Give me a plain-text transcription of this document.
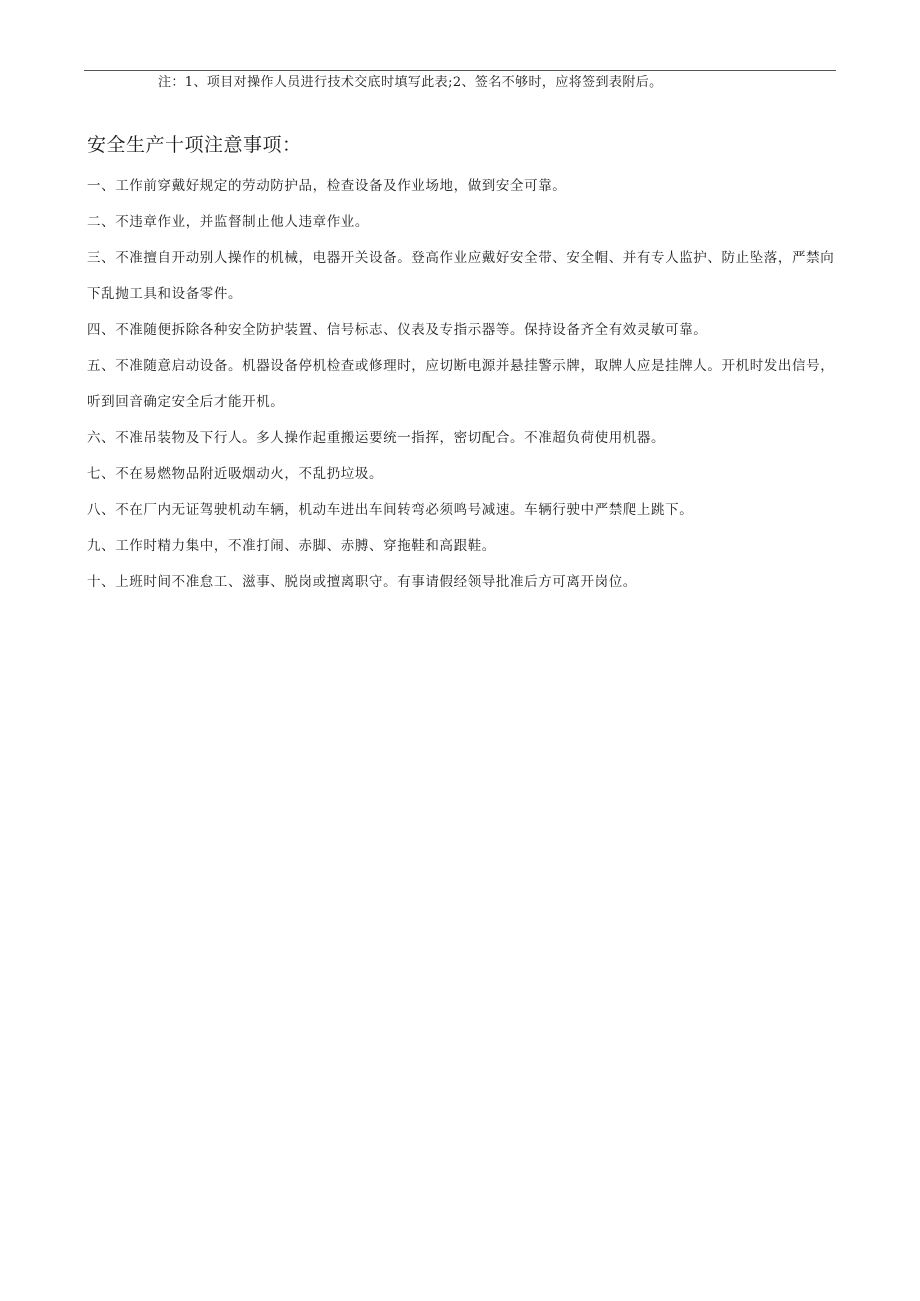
注：1、项目对操作人员进行技术交底时填写此表;2、签名不够时，应将签到表附后。
安全生产十项注意事项：
一、工作前穿戴好规定的劳动防护品，检查设备及作业场地，做到安全可靠。
二、不违章作业，并监督制止他人违章作业。
三、不准擅自开动别人操作的机械，电器开关设备。登高作业应戴好安全带、安全帽、并有专人监护、防止坠落，严禁向下乱抛工具和设备零件。
四、不准随便拆除各种安全防护装置、信号标志、仪表及专指示器等。保持设备齐全有效灵敏可靠。
五、不准随意启动设备。机器设备停机检查或修理时，应切断电源并悬挂警示牌，取牌人应是挂牌人。开机时发出信号，听到回音确定安全后才能开机。
六、不准吊装物及下行人。多人操作起重搬运要统一指挥，密切配合。不准超负荷使用机器。
七、不在易燃物品附近吸烟动火，不乱扔垃圾。
八、不在厂内无证驾驶机动车辆，机动车进出车间转弯必须鸣号减速。车辆行驶中严禁爬上跳下。
九、工作时精力集中，不准打闹、赤脚、赤膊、穿拖鞋和高跟鞋。
十、上班时间不准怠工、滋事、脱岗或擅离职守。有事请假经领导批准后方可离开岗位。
